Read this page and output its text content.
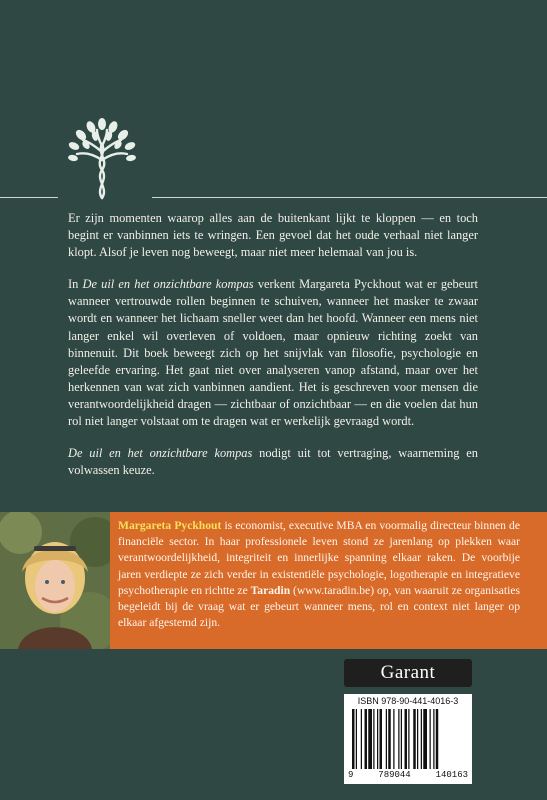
Er zijn momenten waarop alles aan de buitenkant lijkt te kloppen — en toch begint er vanbinnen iets te wringen. Een gevoel dat het oude verhaal niet langer klopt. Alsof je leven nog beweegt, maar niet meer helemaal van jou is.

In De uil en het onzichtbare kompas verkent Margareta Pyckhout wat er gebeurt wanneer vertrouwde rollen beginnen te schuiven, wanneer het masker te zwaar wordt en wanneer het lichaam sneller weet dan het hoofd. Wanneer een mens niet langer enkel wil overleven of voldoen, maar opnieuw richting zoekt van binnenuit. Dit boek beweegt zich op het snijvlak van filosofie, psychologie en geleefde ervaring. Het gaat niet over analyseren vanop afstand, maar over het herkennen van wat zich vanbinnen aandient. Het is geschreven voor mensen die verantwoordelijkheid dragen — zichtbaar of onzichtbaar — en die voelen dat hun rol niet langer volstaat om te dragen wat er werkelijk gevraagd wordt.

De uil en het onzichtbare kompas nodigt uit tot vertraging, waarneming en volwassen keuze.

Margareta Pyckhout is economist, executive MBA en voormalig directeur binnen de financiële sector. In haar professionele leven stond ze jarenlang op plekken waar verantwoordelijkheid, integriteit en innerlijke spanning elkaar raken. De voorbije jaren verdiepte ze zich verder in existentiële psychologie, logotherapie en integratieve psychotherapie en richtte ze Taradin (www.taradin.be) op, van waaruit ze organisaties begeleidt bij de vraag wat er gebeurt wanneer mens, rol en context niet langer op elkaar afgestemd zijn.
Garant
ISBN 978-90-441-4016-3
9	789044	140163
